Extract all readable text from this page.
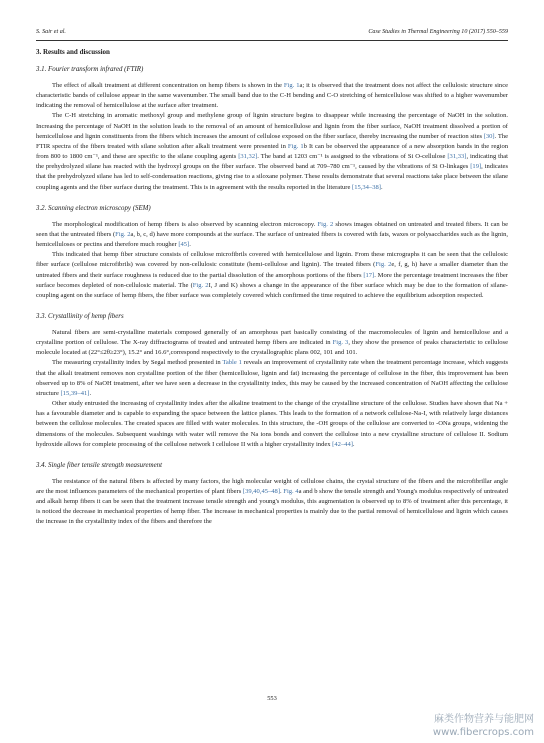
S. Sair et al.	Case Studies in Thermal Engineering 10 (2017) 550–559
3. Results and discussion
3.1. Fourier transform infrared (FTIR)

The effect of alkali treatment at different concentration on hemp fibers is shown in the Fig. 1a; it is observed that the treatment does not affect the cellulosic structure since characteristic bands of cellulose appear in the same wavenumber. The small band due to the C-H bending and C-O stretching of hemicellulose was shifted to a higher wavenumber indicating the removal of hemicellulose at the surface after treatment.

The C-H stretching in aromatic methoxyl group and methylene group of lignin structure begins to disappear while increasing the percentage of NaOH in the solution. Increasing the percentage of NaOH in the solution leads to the removal of an amount of hemicellulose and lignin from the fiber surface, NaOH treatment dissolved a portion of hemicellulose and lignin constituents from the fibers which increases the amount of cellulose exposed on the fiber surface, thereby increasing the number of reaction sites [30]. The FTIR spectra of the fibers treated with silane solution after alkali treatment were presented in Fig. 1b It can be observed the appearance of a new absorption bands in the region from 800 to 1800 cm⁻¹, and these are specific to the silane coupling agents [31,32]. The band at 1203 cm⁻¹ is assigned to the vibrations of Si O-cellulose [31,33], indicating that the prehydrolyzed silane has reacted with the hydroxyl groups on the fiber surface. The observed band at 709–780 cm⁻¹, caused by the vibrations of Si O-linkages [19], indicates that the prehydrolyzed silane has led to self-condensation reactions, giving rise to a siloxane polymer. These results demonstrate that several reactions take place between the silane coupling agents and the fiber surface during the treatment. This is in agreement with the results reported in the literature [15,34–38].

3.2. Scanning electron microscopy (SEM)

The morphological modification of hemp fibers is also observed by scanning electron microscopy. Fig. 2 shows images obtained on untreated and treated fibers. It can be seen that the untreated fibers (Fig. 2a, b, c, d) have more compounds at the surface. The surface of untreated fibers is covered with fats, waxes or polysaccharides such as the lignin, hemicelluloses or pectins and therefore much rougher [45].

This indicated that hemp fiber structure consists of cellulose microfibrils covered with hemicellulose and lignin. From these micrographs it can be seen that the cellulosic fiber surface (cellulose microfibrils) was covered by non-cellulosic constitute (hemi-cellulose and lignin). The treated fibers (Fig. 2e, f, g, h) have a smaller diameter than the untreated fibers and their surface roughness is reduced due to the partial dissolution of the amorphous portions of the fibers [17]. More the percentage treatment increases the fiber surface becomes depleted of non-cellulosic material. The (Fig. 2I, J and K) shows a change in the appearance of the fiber surface which may be due to the formation of silane-coupling agent on the surface of hemp fibers, the fiber surface was completely covered which confirmed the time required to achieve the equilibrium adsorption respected.

3.3. Crystallinity of hemp fibers

Natural fibers are semi-crystalline materials composed generally of an amorphous part basically consisting of the macromolecules of lignin and hemicellulose and a crystalline portion of cellulose. The X-ray diffractograms of treated and untreated hemp fibers are indicated in Fig. 3, they show the presence of peaks characteristic to cellulose molecule located at (22°≤2θ≥23°), 15.2° and 16.6°,correspond respectively to the crystallographic plans 002, 101 and 101.

The measuring crystallinity index by Segal method presented in Table 1 reveals an improvement of crystallinity rate when the treatment percentage increase, which suggests that the alkali treatment removes non crystalline portion of the fiber (hemicellulose, lignin and fat) increasing the percentage of cellulose in the fiber, this improvement has been observed up to 8% of NaOH treatment, after we have seen a decrease in the crystallinity index, this may be caused by the increased concentration of NaOH affecting the cellulose structure [15,39–41].

Other study entrusted the increasing of crystallinity index after the alkaline treatment to the change of the crystalline structure of the cellulose. Studies have shown that Na + has a favourable diameter and is capable to expanding the space between the lattice planes. This leads to the formation of a network cellulose-Na-I, with relatively large distances between the cellulose molecules. The created spaces are filled with water molecules. In this structure, the -OH groups of the cellulose are converted to -ONa groups, widening the dimensions of the molecules. Subsequent washings with water will remove the Na ions bonds and convert the cellulose into a new crystalline structure of cellulose II. Sodium hydroxide allows for complete processing of the cellulose network I cellulose II with a higher crystallinity index [42–44].

3.4. Single fiber tensile strength measurement

The resistance of the natural fibers is affected by many factors, the high molecular weight of cellulose chains, the crystal structure of the fibers and the microfibrillar angle are the most influences parameters of the mechanical properties of plant fibers [39,40,45–48]. Fig. 4a and b show the tensile strength and Young's modulus respectively of untreated and alkali hemp fibers it can be seen that the treatment increase tensile strength and young's modulus, this augmentation is observed up to 8% of treatment after this percentage, it is noticed the decrease in mechanical properties of hemp fiber. The increase in mechanical properties is mainly due to the partial removal of hemicellulose and lignin which causes the increase in the crystallinity index of the fibers and therefore the

553
麻类作物营养与能肥网
www.fibercrops.com
